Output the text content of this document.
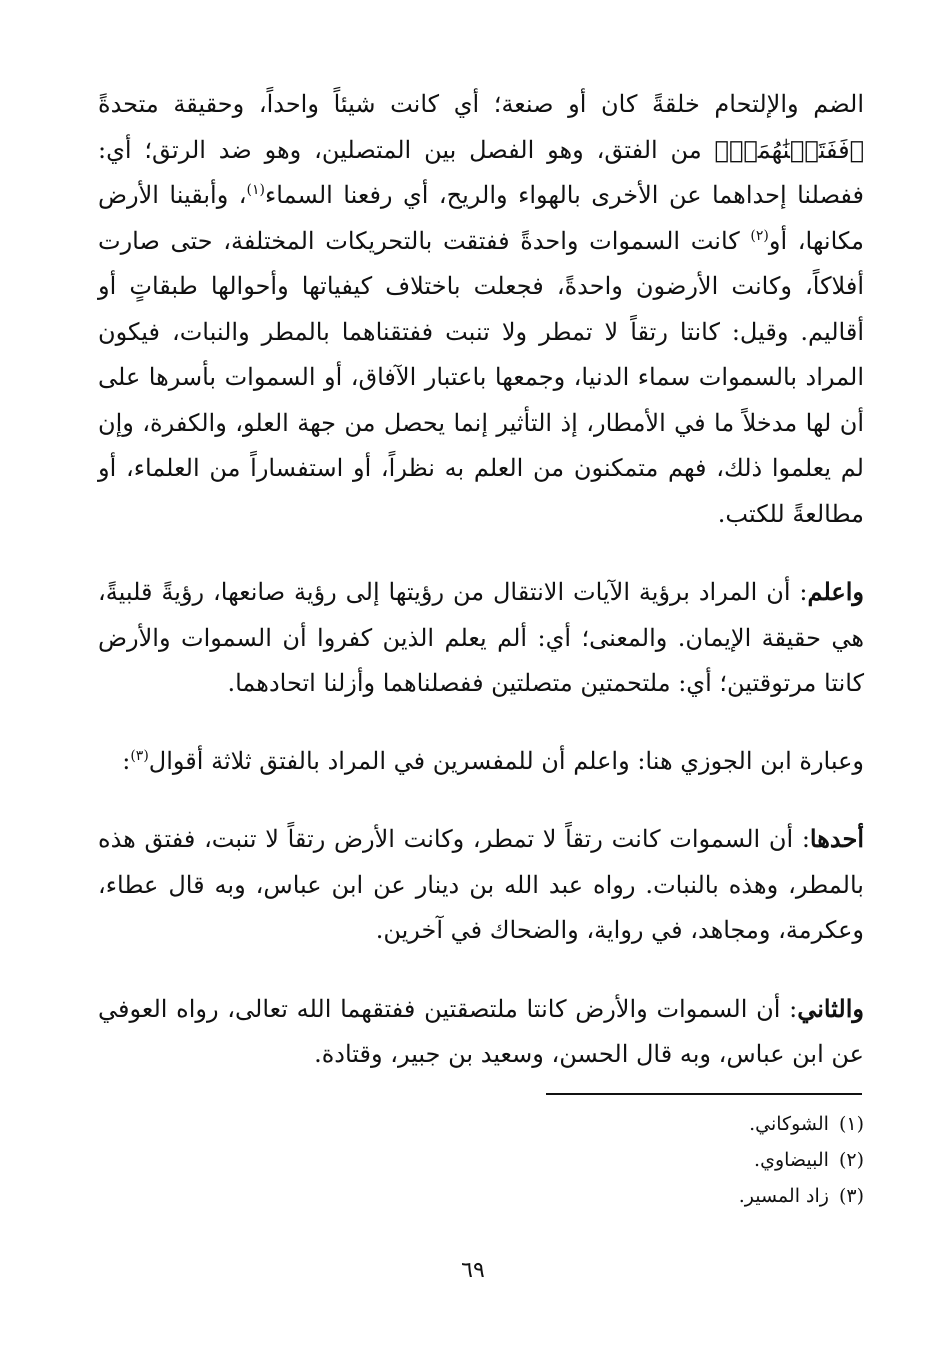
الضم والإلتحام خلقةً كان أو صنعة؛ أي كانت شيئاً واحداً، وحقيقة متحدةً ﴿فَفَتَقۡنَٰهُمَاۖ﴾ من الفتق، وهو الفصل بين المتصلين، وهو ضد الرتق؛ أي: ففصلنا إحداهما عن الأخرى بالهواء والريح، أي رفعنا السماء$^{(١)}$، وأبقينا الأرض مكانها، أو$^{(٢)}$ كانت السموات واحدةً ففتقت بالتحريكات المختلفة، حتى صارت أفلاكاً، وكانت الأرضون واحدةً، فجعلت باختلاف كيفياتها وأحوالها طبقاتٍ أو أقاليم. وقيل: كانتا رتقاً لا تمطر ولا تنبت ففتقناهما بالمطر والنبات، فيكون المراد بالسموات سماء الدنيا، وجمعها باعتبار الآفاق، أو السموات بأسرها على أن لها مدخلاً ما في الأمطار، إذ التأثير إنما يحصل من جهة العلو، والكفرة، وإن لم يعلموا ذلك، فهم متمكنون من العلم به نظراً، أو استفساراً من العلماء، أو مطالعةً للكتب.

واعلم: أن المراد برؤية الآيات الانتقال من رؤيتها إلى رؤية صانعها، رؤيةً قلبيةً، هي حقيقة الإيمان. والمعنى؛ أي: ألم يعلم الذين كفروا أن السموات والأرض كانتا مرتوقتين؛ أي: ملتحمتين متصلتين ففصلناهما وأزلنا اتحادهما.

وعبارة ابن الجوزي هنا: واعلم أن للمفسرين في المراد بالفتق ثلاثة أقوال$^{(٣)}$:

أحدها: أن السموات كانت رتقاً لا تمطر، وكانت الأرض رتقاً لا تنبت، ففتق هذه بالمطر، وهذه بالنبات. رواه عبد الله بن دينار عن ابن عباس، وبه قال عطاء، وعكرمة، ومجاهد، في رواية، والضحاك في آخرين.

والثاني: أن السموات والأرض كانتا ملتصقتين ففتقهما الله تعالى، رواه العوفي عن ابن عباس، وبه قال الحسن، وسعيد بن جبير، وقتادة.

(١)الشوكاني.
(٢)البيضاوي.
(٣)زاد المسير.
٦٩
